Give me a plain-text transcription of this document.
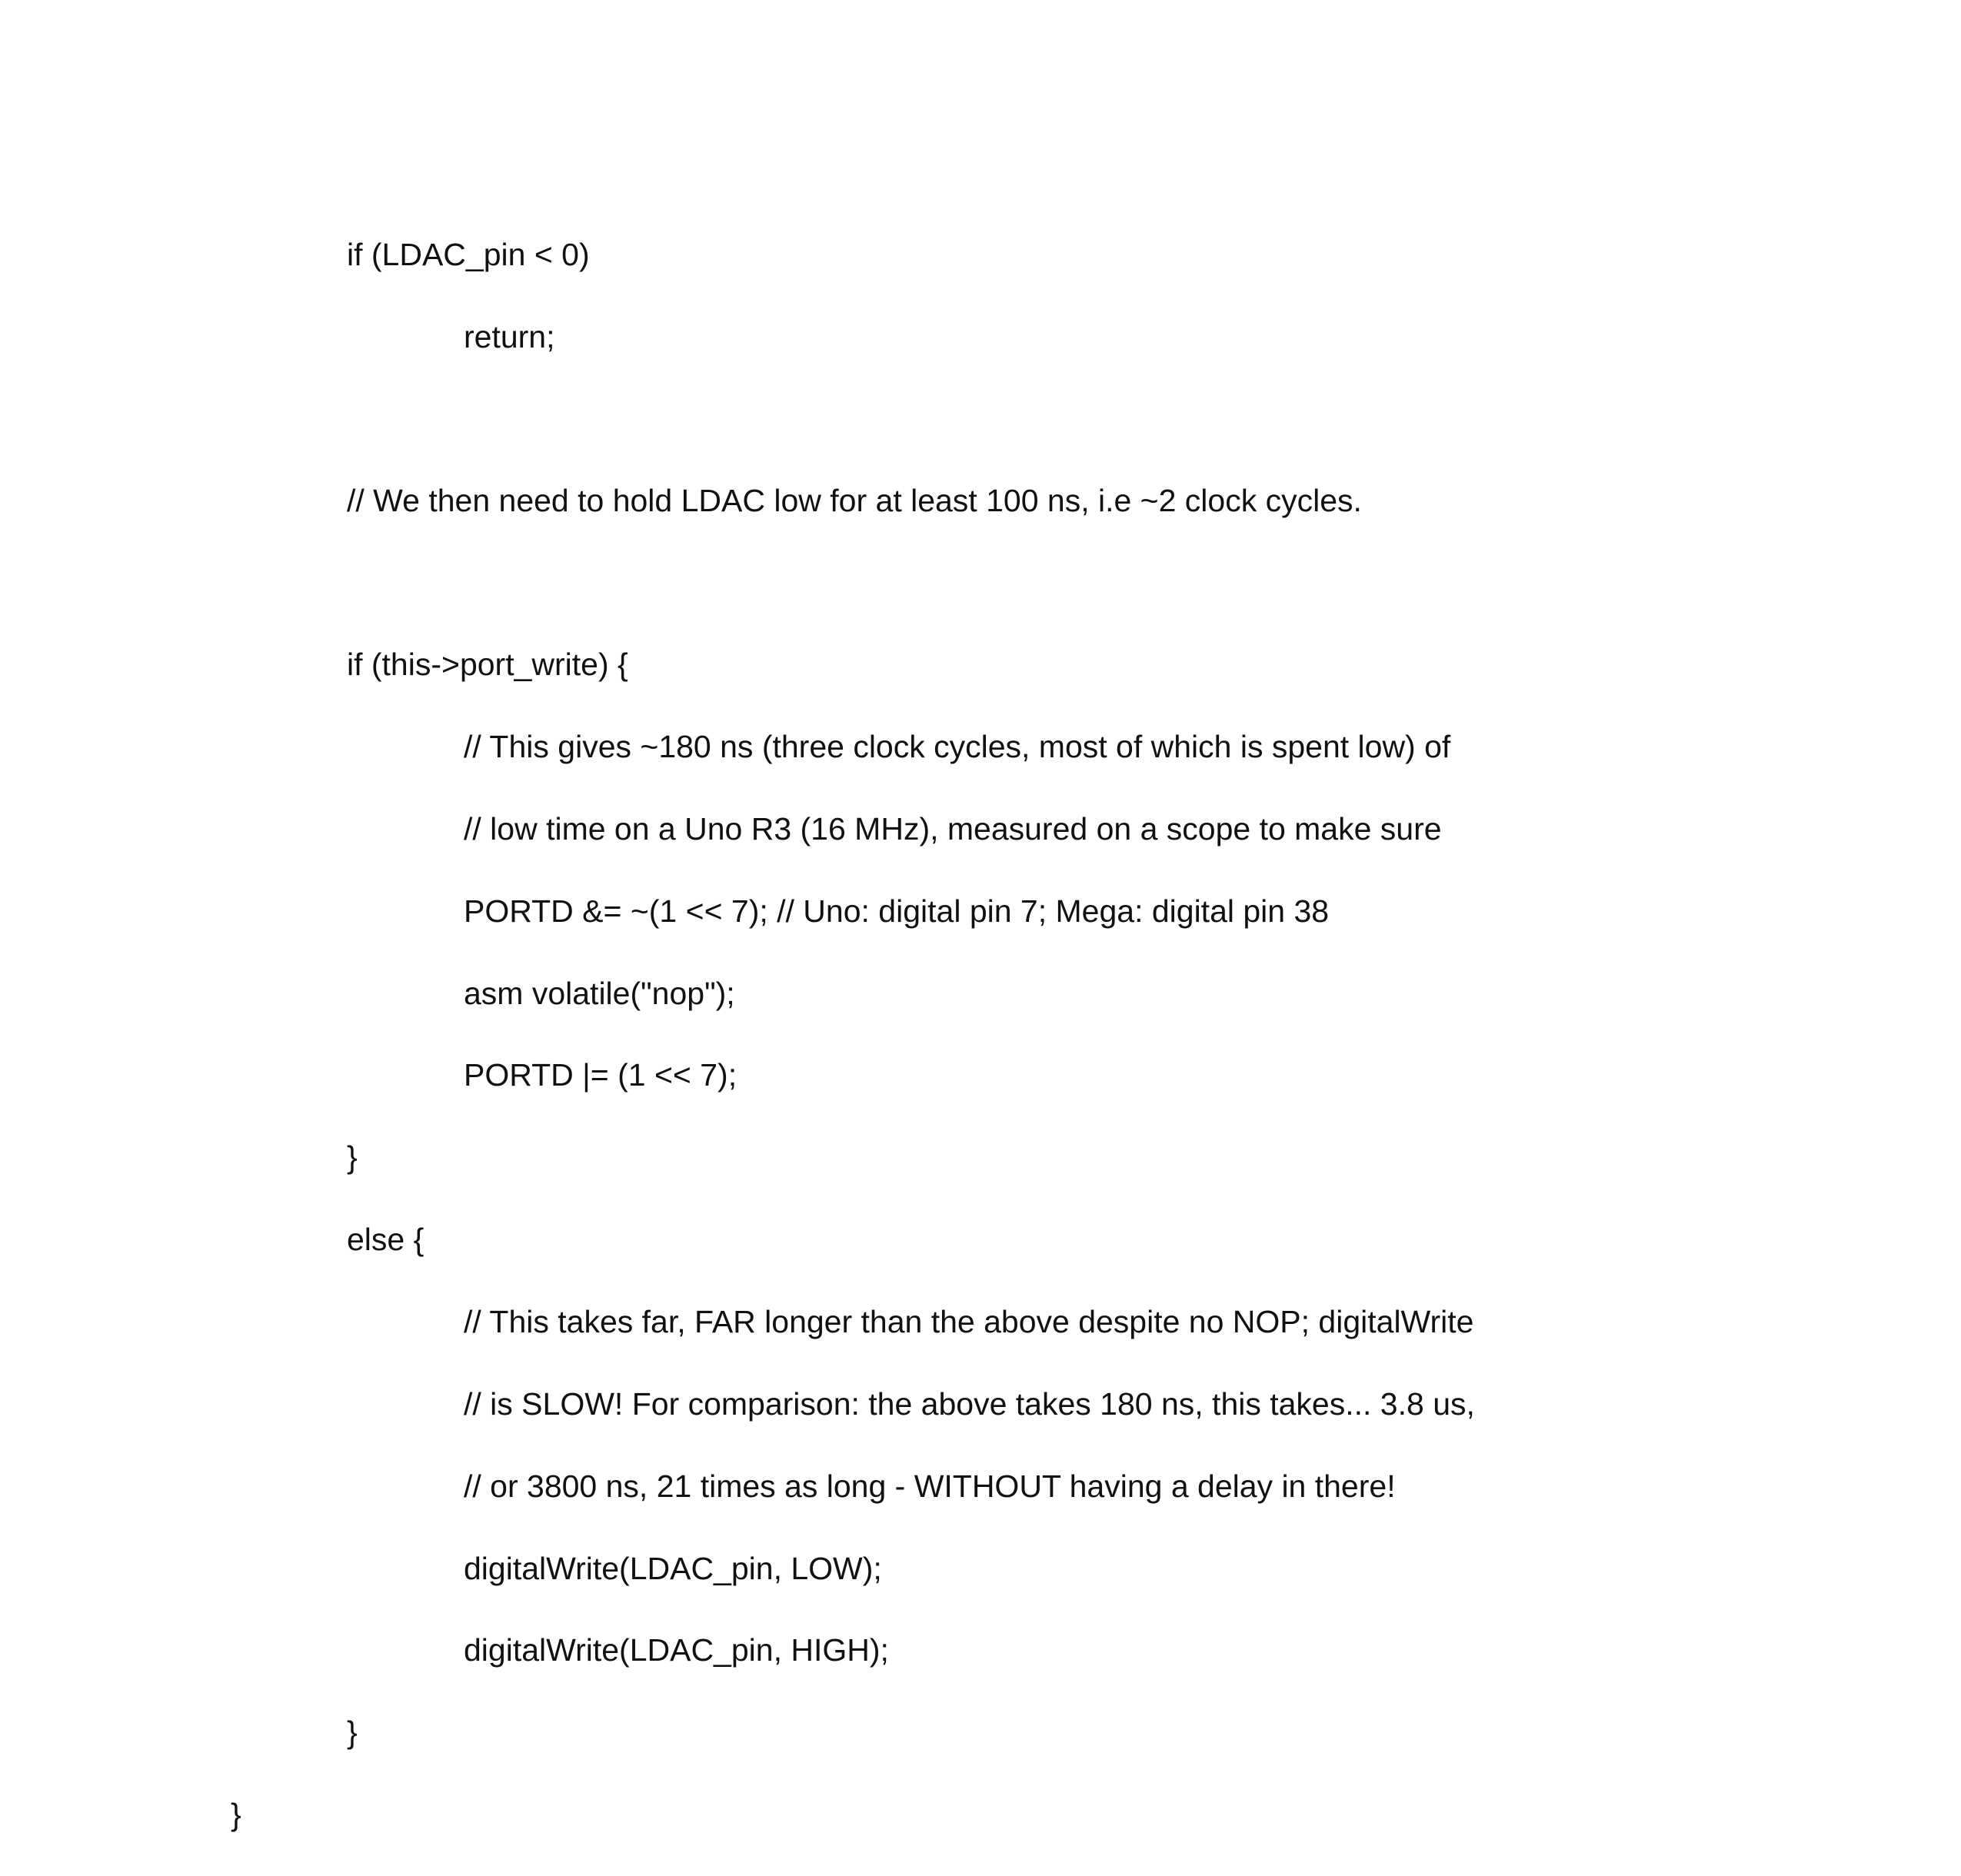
if (LDAC_pin < 0)

return;

// We then need to hold LDAC low for at least 100 ns, i.e ~2 clock cycles.

if (this->port_write) {

// This gives ~180 ns (three clock cycles, most of which is spent low) of

// low time on a Uno R3 (16 MHz), measured on a scope to make sure

PORTD &= ~(1 << 7); // Uno: digital pin 7; Mega: digital pin 38

asm volatile("nop");

PORTD |= (1 << 7);

}

else {

// This takes far, FAR longer than the above despite no NOP; digitalWrite

// is SLOW! For comparison: the above takes 180 ns, this takes... 3.8 us,

// or 3800 ns, 21 times as long - WITHOUT having a delay in there!

digitalWrite(LDAC_pin, LOW);

digitalWrite(LDAC_pin, HIGH);

}

}
